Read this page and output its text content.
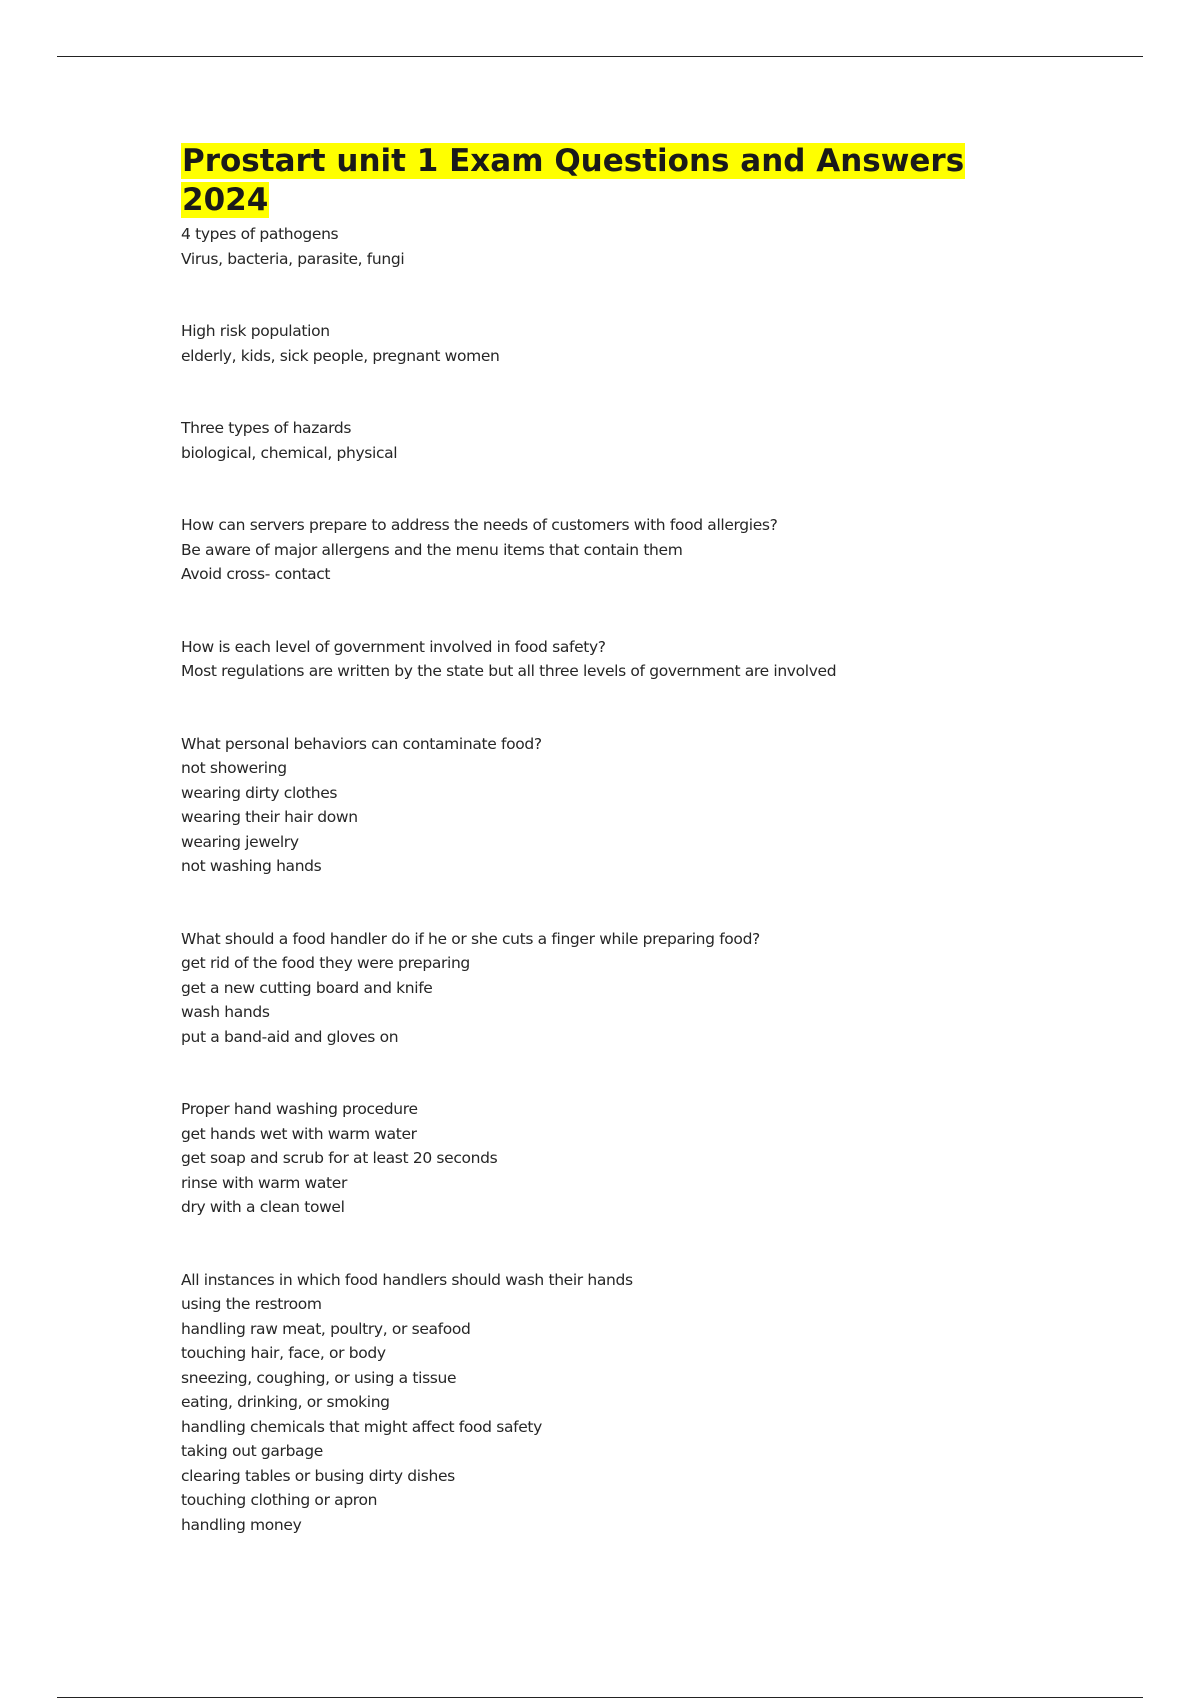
Prostart unit 1 Exam Questions and Answers 2024
4 types of pathogens
Virus, bacteria, parasite, fungi
High risk population
elderly, kids, sick people, pregnant women
Three types of hazards
biological, chemical, physical
How can servers prepare to address the needs of customers with food allergies?
Be aware of major allergens and the menu items that contain them
Avoid cross- contact
How is each level of government involved in food safety?
Most regulations are written by the state but all three levels of government are involved
What personal behaviors can contaminate food?
not showering
wearing dirty clothes
wearing their hair down
wearing jewelry
not washing hands
What should a food handler do if he or she cuts a finger while preparing food?
get rid of the food they were preparing
get a new cutting board and knife
wash hands
put a band-aid and gloves on
Proper hand washing procedure
get hands wet with warm water
get soap and scrub for at least 20 seconds
rinse with warm water
dry with a clean towel
All instances in which food handlers should wash their hands
using the restroom
handling raw meat, poultry, or seafood
touching hair, face, or body
sneezing, coughing, or using a tissue
eating, drinking, or smoking
handling chemicals that might affect food safety
taking out garbage
clearing tables or busing dirty dishes
touching clothing or apron
handling money
